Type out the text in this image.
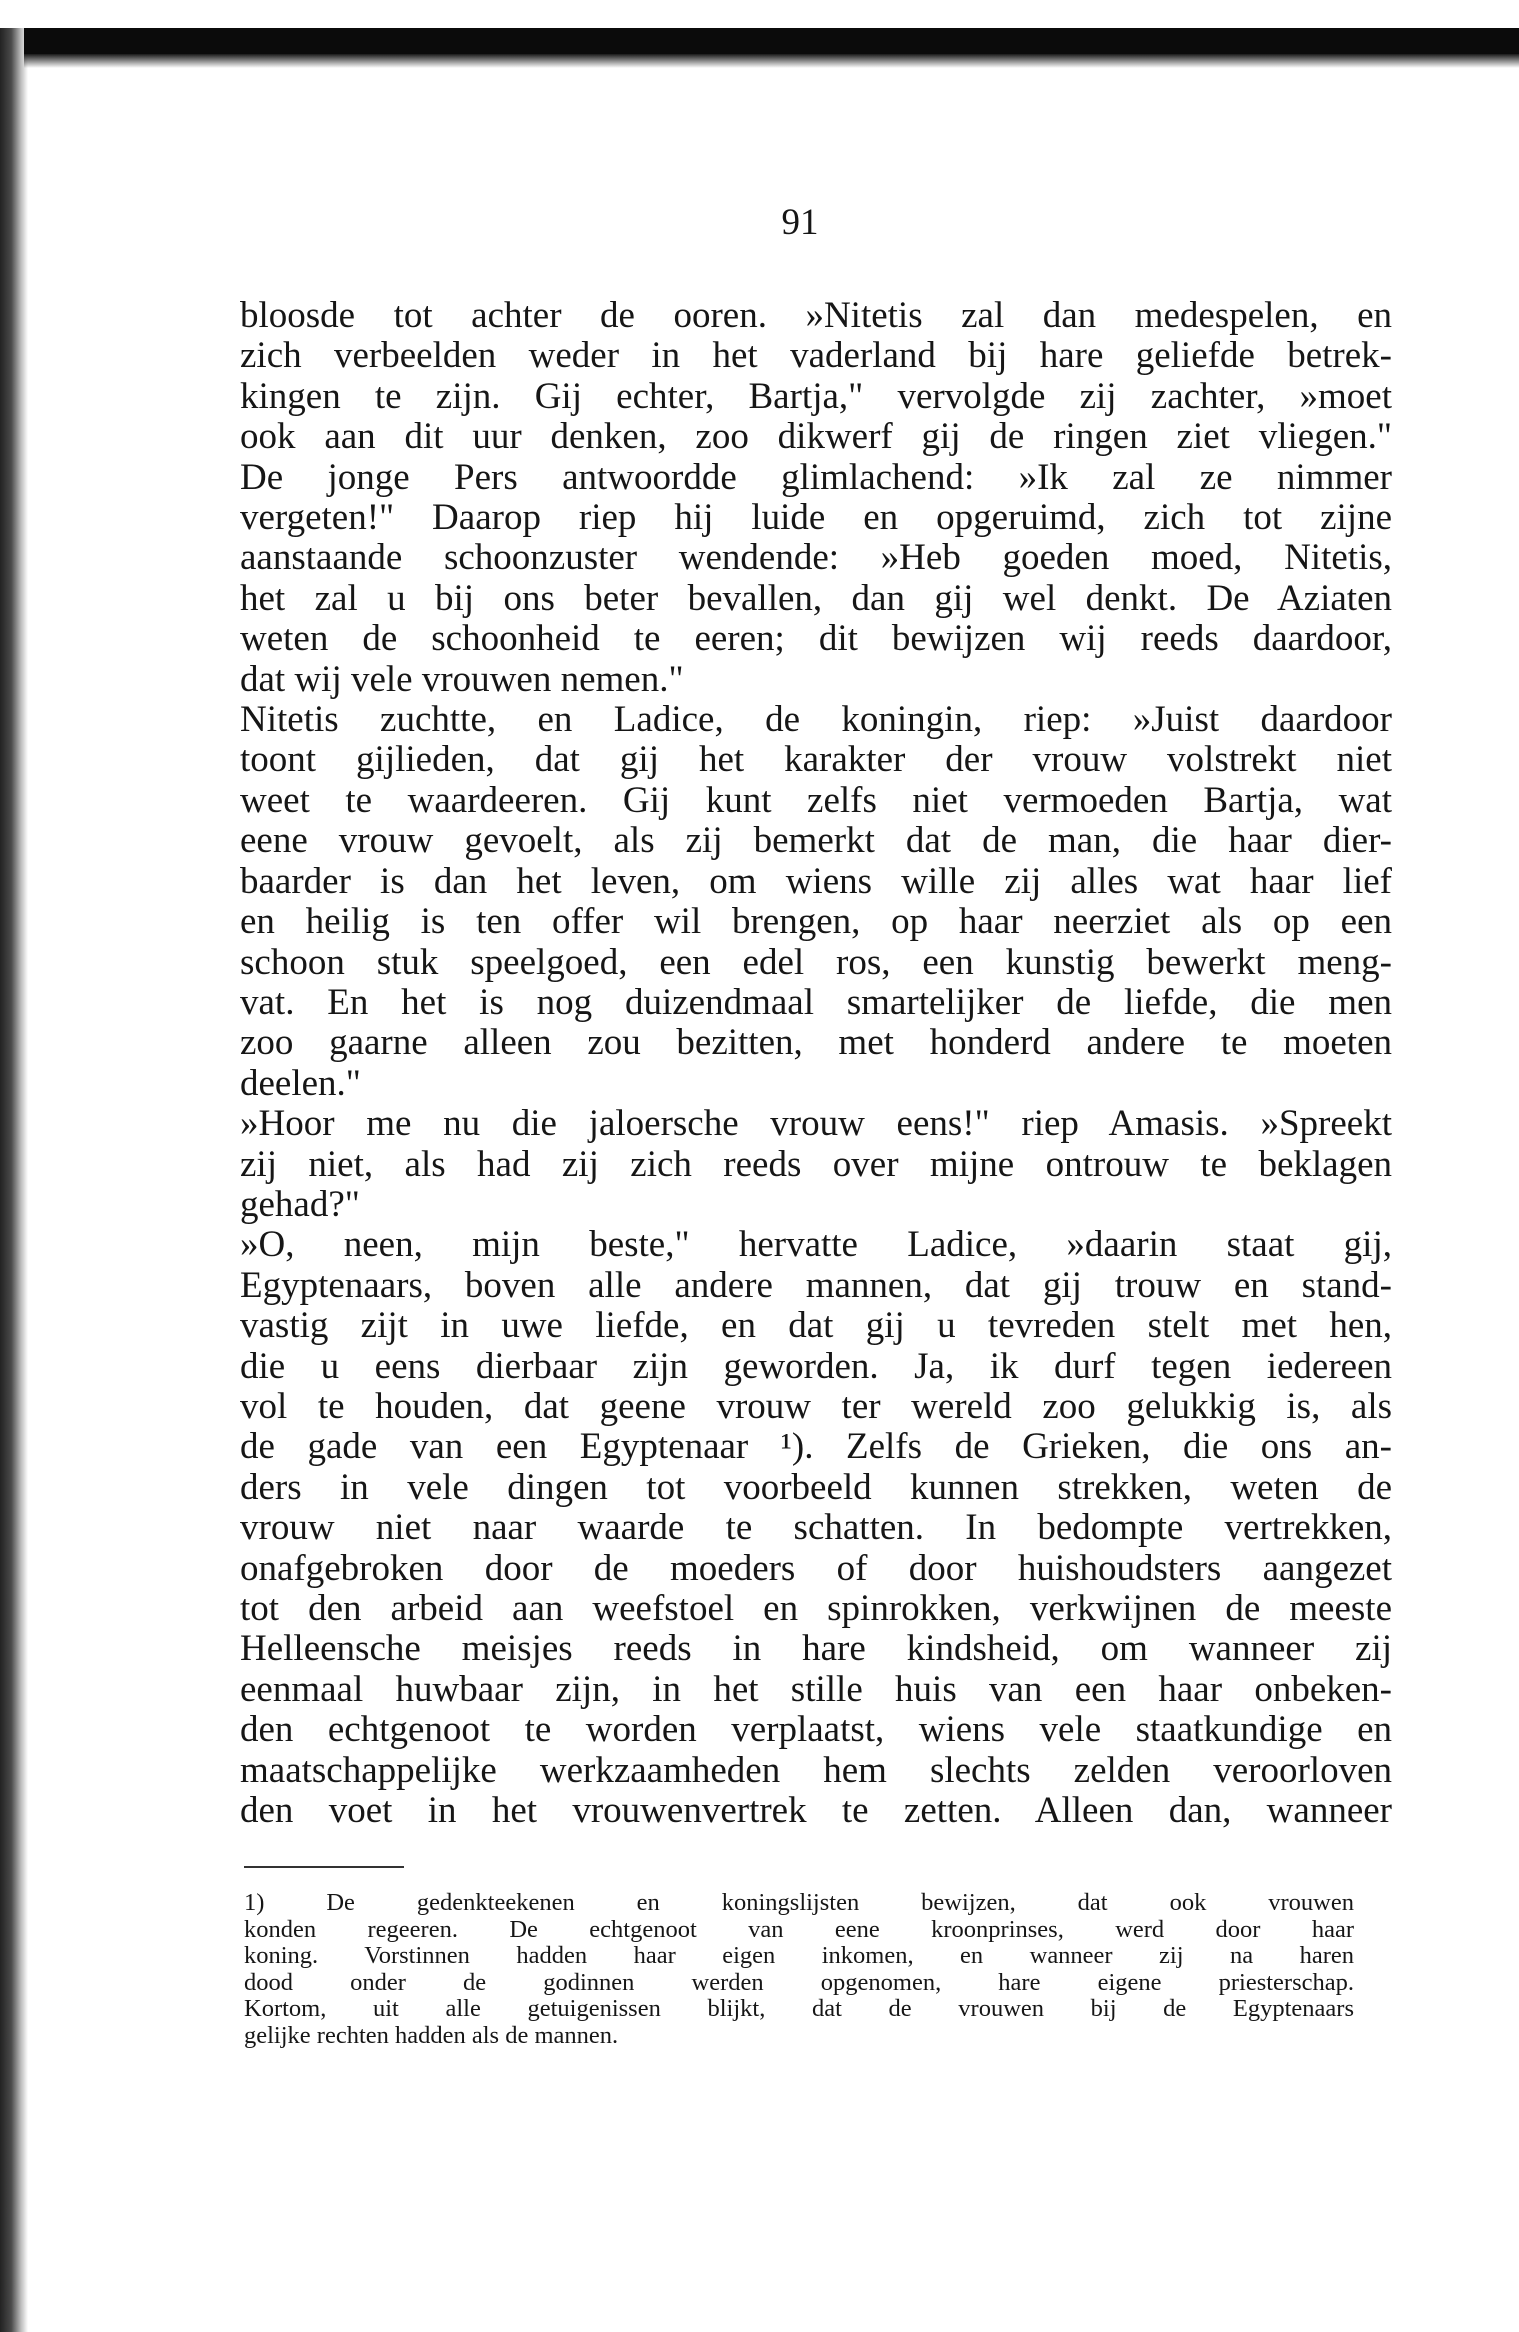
91
bloosde tot achter de ooren. »Nitetis zal dan medespelen, en
zich verbeelden weder in het vaderland bij hare geliefde betrek-
kingen te zijn. Gij echter, Bartja," vervolgde zij zachter, »moet
ook aan dit uur denken, zoo dikwerf gij de ringen ziet vliegen."
De jonge Pers antwoordde glimlachend: »Ik zal ze nimmer
vergeten!" Daarop riep hij luide en opgeruimd, zich tot zijne
aanstaande schoonzuster wendende: »Heb goeden moed, Nitetis,
het zal u bij ons beter bevallen, dan gij wel denkt. De Aziaten
weten de schoonheid te eeren; dit bewijzen wij reeds daardoor,
dat wij vele vrouwen nemen."
Nitetis zuchtte, en Ladice, de koningin, riep: »Juist daardoor
toont gijlieden, dat gij het karakter der vrouw volstrekt niet
weet te waardeeren. Gij kunt zelfs niet vermoeden Bartja, wat
eene vrouw gevoelt, als zij bemerkt dat de man, die haar dier-
baarder is dan het leven, om wiens wille zij alles wat haar lief
en heilig is ten offer wil brengen, op haar neerziet als op een
schoon stuk speelgoed, een edel ros, een kunstig bewerkt meng-
vat. En het is nog duizendmaal smartelijker de liefde, die men
zoo gaarne alleen zou bezitten, met honderd andere te moeten
deelen."
»Hoor me nu die jaloersche vrouw eens!" riep Amasis. »Spreekt
zij niet, als had zij zich reeds over mijne ontrouw te beklagen
gehad?"
»O, neen, mijn beste," hervatte Ladice, »daarin staat gij,
Egyptenaars, boven alle andere mannen, dat gij trouw en stand-
vastig zijt in uwe liefde, en dat gij u tevreden stelt met hen,
die u eens dierbaar zijn geworden. Ja, ik durf tegen iedereen
vol te houden, dat geene vrouw ter wereld zoo gelukkig is, als
de gade van een Egyptenaar ¹). Zelfs de Grieken, die ons an-
ders in vele dingen tot voorbeeld kunnen strekken, weten de
vrouw niet naar waarde te schatten. In bedompte vertrekken,
onafgebroken door de moeders of door huishoudsters aangezet
tot den arbeid aan weefstoel en spinrokken, verkwijnen de meeste
Helleensche meisjes reeds in hare kindsheid, om wanneer zij
eenmaal huwbaar zijn, in het stille huis van een haar onbeken-
den echtgenoot te worden verplaatst, wiens vele staatkundige en
maatschappelijke werkzaamheden hem slechts zelden veroorloven
den voet in het vrouwenvertrek te zetten. Alleen dan, wanneer
1) De gedenkteekenen en koningslijsten bewijzen, dat ook vrouwen
konden regeeren. De echtgenoot van eene kroonprinses, werd door haar
koning. Vorstinnen hadden haar eigen inkomen, en wanneer zij na haren
dood onder de godinnen werden opgenomen, hare eigene priesterschap.
Kortom, uit alle getuigenissen blijkt, dat de vrouwen bij de Egyptenaars
gelijke rechten hadden als de mannen.
